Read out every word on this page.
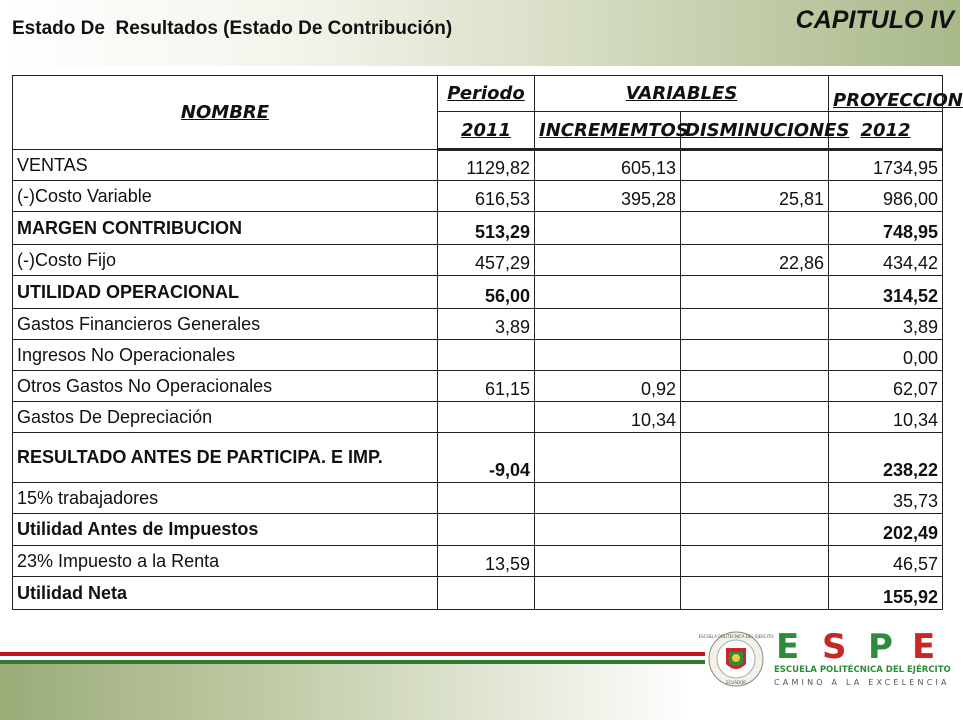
Estado De  Resultados (Estado De Contribución)	CAPITULO IV
NOMBRE	Periodo	VARIABLES		PROYECCION
	2011	INCREMEMTOS	DISMINUCIONES	2012
VENTAS	1129,82	605,13		1734,95
(-)Costo Variable	616,53	395,28	25,81	986,00
MARGEN CONTRIBUCION	513,29			748,95
(-)Costo Fijo	457,29		22,86	434,42
UTILIDAD OPERACIONAL	56,00			314,52
Gastos Financieros Generales	3,89			3,89
Ingresos No Operacionales				0,00
Otros Gastos No Operacionales	61,15	0,92		62,07
Gastos De Depreciación		10,34		10,34
RESULTADO ANTES DE PARTICIPA. E IMP.	-9,04			238,22
15% trabajadores				35,73
Utilidad Antes de Impuestos				202,49
23% Impuesto a la Renta	13,59			46,57
Utilidad Neta				155,92
ESCUELA POLITECNICA DEL EJERCITO
ECUADOR
E S P E
ESCUELA POLITÉCNICA DEL EJÉRCITO
CAMINO A LA EXCELENCIA
